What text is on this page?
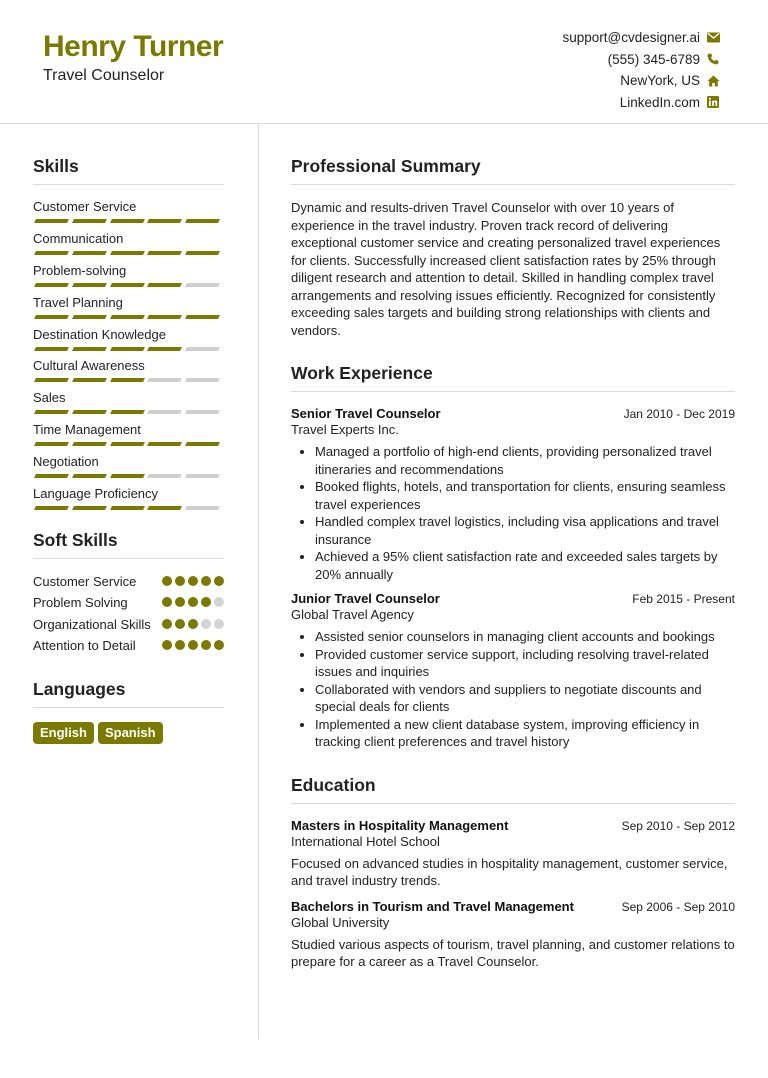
Henry Turner
Travel Counselor
support@cvdesigner.ai
(555) 345-6789
NewYork, US
LinkedIn.com
Skills
Customer Service
Communication
Problem-solving
Travel Planning
Destination Knowledge
Cultural Awareness
Sales
Time Management
Negotiation
Language Proficiency
Soft Skills
Customer Service
Problem Solving
Organizational Skills
Attention to Detail
Languages
English	Spanish
Professional Summary

Dynamic and results-driven Travel Counselor with over 10 years of experience in the travel industry. Proven track record of delivering exceptional customer service and creating personalized travel experiences for clients. Successfully increased client satisfaction rates by 25% through diligent research and attention to detail. Skilled in handling complex travel arrangements and resolving issues efficiently. Recognized for consistently exceeding sales targets and building strong relationships with clients and vendors.

Work Experience
Senior Travel Counselor	Jan 2010 - Dec 2019
Travel Experts Inc.
• Managed a portfolio of high-end clients, providing personalized travel itineraries and recommendations
• Booked flights, hotels, and transportation for clients, ensuring seamless travel experiences
• Handled complex travel logistics, including visa applications and travel insurance
• Achieved a 95% client satisfaction rate and exceeded sales targets by 20% annually
Junior Travel Counselor	Feb 2015 - Present
Global Travel Agency
• Assisted senior counselors in managing client accounts and bookings
• Provided customer service support, including resolving travel-related issues and inquiries
• Collaborated with vendors and suppliers to negotiate discounts and special deals for clients
• Implemented a new client database system, improving efficiency in tracking client preferences and travel history
Education
Masters in Hospitality Management	Sep 2010 - Sep 2012
International Hotel School

Focused on advanced studies in hospitality management, customer service, and travel industry trends.

Bachelors in Tourism and Travel Management	Sep 2006 - Sep 2010
Global University

Studied various aspects of tourism, travel planning, and customer relations to prepare for a career as a Travel Counselor.
